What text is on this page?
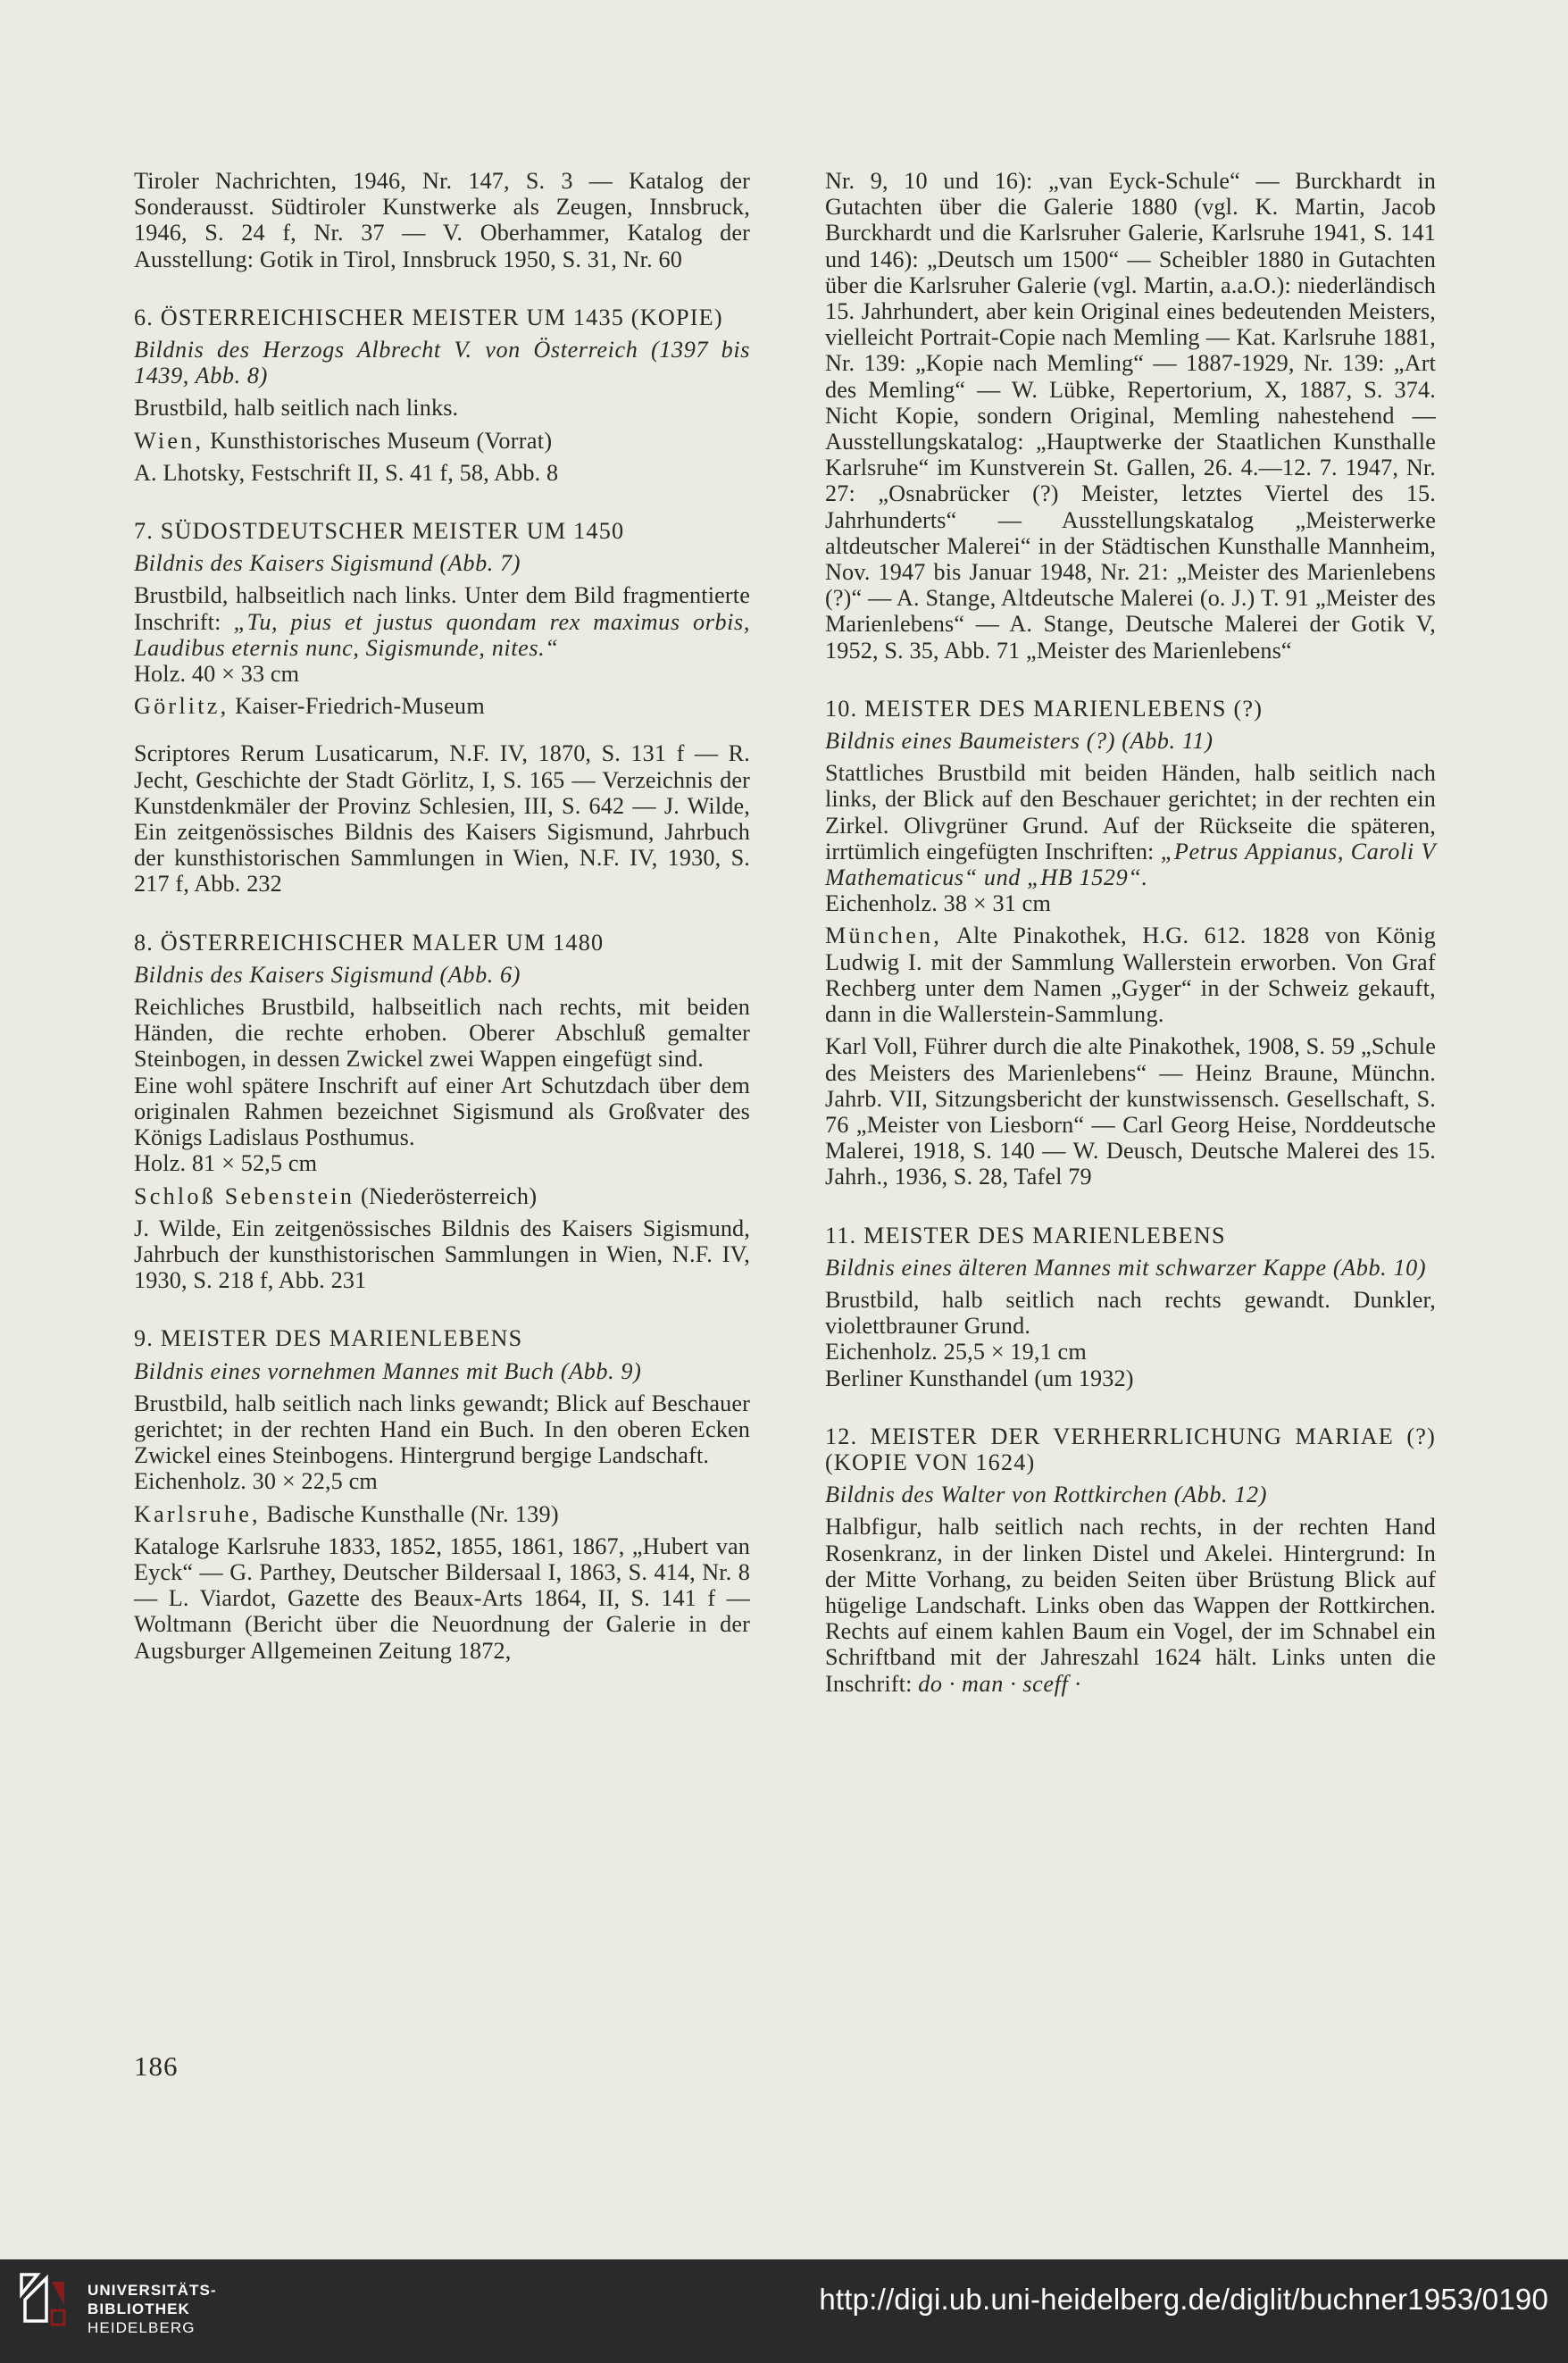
Tiroler Nachrichten, 1946, Nr. 147, S. 3 — Katalog der Sonderausst. Südtiroler Kunstwerke als Zeugen, Innsbruck, 1946, S. 24 f, Nr. 37 — V. Oberhammer, Katalog der Ausstellung: Gotik in Tirol, Innsbruck 1950, S. 31, Nr. 60

6. ÖSTERREICHISCHER MEISTER UM 1435 (KOPIE)

Bildnis des Herzogs Albrecht V. von Österreich (1397 bis 1439, Abb. 8)

Brustbild, halb seitlich nach links.

Wien, Kunsthistorisches Museum (Vorrat)

A. Lhotsky, Festschrift II, S. 41 f, 58, Abb. 8

7. SÜDOSTDEUTSCHER MEISTER UM 1450

Bildnis des Kaisers Sigismund (Abb. 7)

Brustbild, halbseitlich nach links. Unter dem Bild fragmentierte Inschrift: „Tu, pius et justus quondam rex maximus orbis, Laudibus eternis nunc, Sigismunde, nites.“

Holz. 40 × 33 cm

Görlitz, Kaiser-Friedrich-Museum

Scriptores Rerum Lusaticarum, N.F. IV, 1870, S. 131 f — R. Jecht, Geschichte der Stadt Görlitz, I, S. 165 — Verzeichnis der Kunstdenkmäler der Provinz Schlesien, III, S. 642 — J. Wilde, Ein zeitgenössisches Bildnis des Kaisers Sigismund, Jahrbuch der kunsthistorischen Sammlungen in Wien, N.F. IV, 1930, S. 217 f, Abb. 232

8. ÖSTERREICHISCHER MALER UM 1480

Bildnis des Kaisers Sigismund (Abb. 6)

Reichliches Brustbild, halbseitlich nach rechts, mit beiden Händen, die rechte erhoben. Oberer Abschluß gemalter Steinbogen, in dessen Zwickel zwei Wappen eingefügt sind.

Eine wohl spätere Inschrift auf einer Art Schutzdach über dem originalen Rahmen bezeichnet Sigismund als Großvater des Königs Ladislaus Posthumus.

Holz. 81 × 52,5 cm

Schloß Sebenstein (Niederösterreich)

J. Wilde, Ein zeitgenössisches Bildnis des Kaisers Sigismund, Jahrbuch der kunsthistorischen Sammlungen in Wien, N.F. IV, 1930, S. 218 f, Abb. 231

9. MEISTER DES MARIENLEBENS

Bildnis eines vornehmen Mannes mit Buch (Abb. 9)

Brustbild, halb seitlich nach links gewandt; Blick auf Beschauer gerichtet; in der rechten Hand ein Buch. In den oberen Ecken Zwickel eines Steinbogens. Hintergrund bergige Landschaft.

Eichenholz. 30 × 22,5 cm

Karlsruhe, Badische Kunsthalle (Nr. 139)

Kataloge Karlsruhe 1833, 1852, 1855, 1861, 1867, „Hubert van Eyck“ — G. Parthey, Deutscher Bildersaal I, 1863, S. 414, Nr. 8 — L. Viardot, Gazette des Beaux-Arts 1864, II, S. 141 f — Woltmann (Bericht über die Neuordnung der Galerie in der Augsburger Allgemeinen Zeitung 1872,

Nr. 9, 10 und 16): „van Eyck-Schule“ — Burckhardt in Gutachten über die Galerie 1880 (vgl. K. Martin, Jacob Burckhardt und die Karlsruher Galerie, Karlsruhe 1941, S. 141 und 146): „Deutsch um 1500“ — Scheibler 1880 in Gutachten über die Karlsruher Galerie (vgl. Martin, a.a.O.): niederländisch 15. Jahrhundert, aber kein Original eines bedeutenden Meisters, vielleicht Portrait-Copie nach Memling — Kat. Karlsruhe 1881, Nr. 139: „Kopie nach Memling“ — 1887-1929, Nr. 139: „Art des Memling“ — W. Lübke, Repertorium, X, 1887, S. 374. Nicht Kopie, sondern Original, Memling nahestehend — Ausstellungskatalog: „Hauptwerke der Staatlichen Kunsthalle Karlsruhe“ im Kunstverein St. Gallen, 26. 4.—12. 7. 1947, Nr. 27: „Osnabrücker (?) Meister, letztes Viertel des 15. Jahrhunderts“ — Ausstellungskatalog „Meisterwerke altdeutscher Malerei“ in der Städtischen Kunsthalle Mannheim, Nov. 1947 bis Januar 1948, Nr. 21: „Meister des Marienlebens (?)“ — A. Stange, Altdeutsche Malerei (o. J.) T. 91 „Meister des Marienlebens“ — A. Stange, Deutsche Malerei der Gotik V, 1952, S. 35, Abb. 71 „Meister des Marienlebens“

10. MEISTER DES MARIENLEBENS (?)

Bildnis eines Baumeisters (?) (Abb. 11)

Stattliches Brustbild mit beiden Händen, halb seitlich nach links, der Blick auf den Beschauer gerichtet; in der rechten ein Zirkel. Olivgrüner Grund. Auf der Rückseite die späteren, irrtümlich eingefügten Inschriften: „Petrus Appianus, Caroli V Mathematicus“ und „HB 1529“.

Eichenholz. 38 × 31 cm

München, Alte Pinakothek, H.G. 612. 1828 von König Ludwig I. mit der Sammlung Wallerstein erworben. Von Graf Rechberg unter dem Namen „Gyger“ in der Schweiz gekauft, dann in die Wallerstein-Sammlung.

Karl Voll, Führer durch die alte Pinakothek, 1908, S. 59 „Schule des Meisters des Marienlebens“ — Heinz Braune, Münchn. Jahrb. VII, Sitzungsbericht der kunstwissensch. Gesellschaft, S. 76 „Meister von Liesborn“ — Carl Georg Heise, Norddeutsche Malerei, 1918, S. 140 — W. Deusch, Deutsche Malerei des 15. Jahrh., 1936, S. 28, Tafel 79

11. MEISTER DES MARIENLEBENS

Bildnis eines älteren Mannes mit schwarzer Kappe (Abb. 10)

Brustbild, halb seitlich nach rechts gewandt. Dunkler, violettbrauner Grund.

Eichenholz. 25,5 × 19,1 cm

Berliner Kunsthandel (um 1932)

12. MEISTER DER VERHERRLICHUNG MARIAE (?) (KOPIE VON 1624)

Bildnis des Walter von Rottkirchen (Abb. 12)

Halbfigur, halb seitlich nach rechts, in der rechten Hand Rosenkranz, in der linken Distel und Akelei. Hintergrund: In der Mitte Vorhang, zu beiden Seiten über Brüstung Blick auf hügelige Landschaft. Links oben das Wappen der Rottkirchen. Rechts auf einem kahlen Baum ein Vogel, der im Schnabel ein Schriftband mit der Jahreszahl 1624 hält. Links unten die Inschrift: do · man · sceff ·

186
UNIVERSITÄTS-
BIBLIOTHEK
HEIDELBERG
http://digi.ub.uni-heidelberg.de/diglit/buchner1953/0190
